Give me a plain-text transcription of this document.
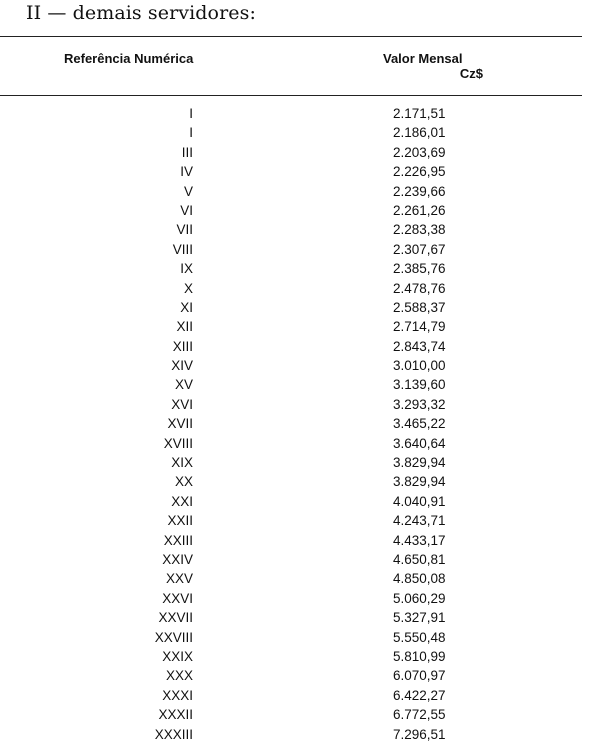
II — demais servidores:
Referência Numérica	Valor Mensal
Cz$
I	2.171,51
I	2.186,01
III	2.203,69
IV	2.226,95
V	2.239,66
VI	2.261,26
VII	2.283,38
VIII	2.307,67
IX	2.385,76
X	2.478,76
XI	2.588,37
XII	2.714,79
XIII	2.843,74
XIV	3.010,00
XV	3.139,60
XVI	3.293,32
XVII	3.465,22
XVIII	3.640,64
XIX	3.829,94
XX	3.829,94
XXI	4.040,91
XXII	4.243,71
XXIII	4.433,17
XXIV	4.650,81
XXV	4.850,08
XXVI	5.060,29
XXVII	5.327,91
XXVIII	5.550,48
XXIX	5.810,99
XXX	6.070,97
XXXI	6.422,27
XXXII	6.772,55
XXXIII	7.296,51
